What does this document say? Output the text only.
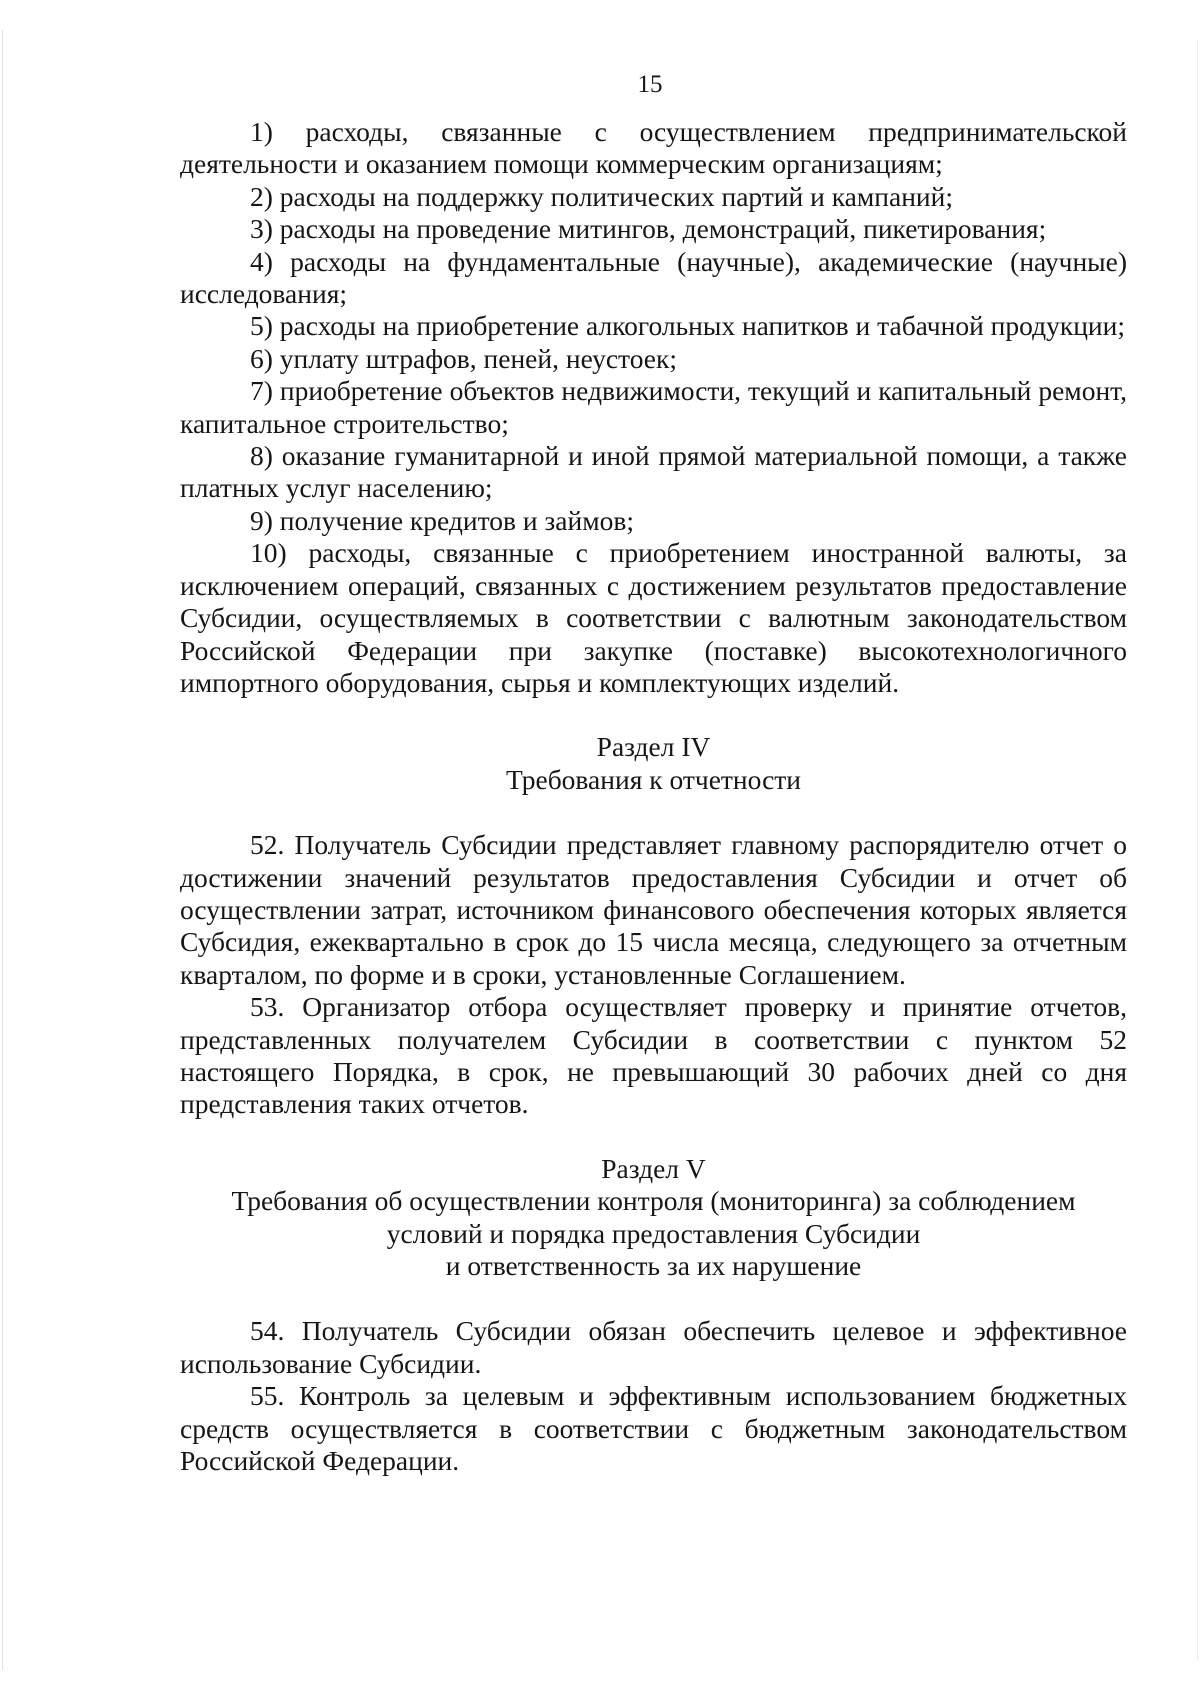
15

1) расходы, связанные с осуществлением предпринимательской деятельности и оказанием помощи коммерческим организациям;

2) расходы на поддержку политических партий и кампаний;

3) расходы на проведение митингов, демонстраций, пикетирования;

4) расходы на фундаментальные (научные), академические (научные) исследования;

5) расходы на приобретение алкогольных напитков и табачной продукции;

6) уплату штрафов, пеней, неустоек;

7) приобретение объектов недвижимости, текущий и капитальный ремонт, капитальное строительство;

8) оказание гуманитарной и иной прямой материальной помощи, а также платных услуг населению;

9) получение кредитов и займов;

10) расходы, связанные с приобретением иностранной валюты, за исключением операций, связанных с достижением результатов предоставление Субсидии, осуществляемых в соответствии с валютным законодательством Российской Федерации при закупке (поставке) высокотехнологичного импортного оборудования, сырья и комплектующих изделий.

Раздел IV

Требования к отчетности

52. Получатель Субсидии представляет главному распорядителю отчет о достижении значений результатов предоставления Субсидии и отчет об осуществлении затрат, источником финансового обеспечения которых является Субсидия, ежеквартально в срок до 15 числа месяца, следующего за отчетным кварталом, по форме и в сроки, установленные Соглашением.

53. Организатор отбора осуществляет проверку и принятие отчетов, представленных получателем Субсидии в соответствии с пунктом 52 настоящего Порядка, в срок, не превышающий 30 рабочих дней со дня представления таких отчетов.

Раздел V

Требования об осуществлении контроля (мониторинга) за соблюдением

условий и порядка предоставления Субсидии

и ответственность за их нарушение

54. Получатель Субсидии обязан обеспечить целевое и эффективное использование Субсидии.

55. Контроль за целевым и эффективным использованием бюджетных средств осуществляется в соответствии с бюджетным законодательством Российской Федерации.
